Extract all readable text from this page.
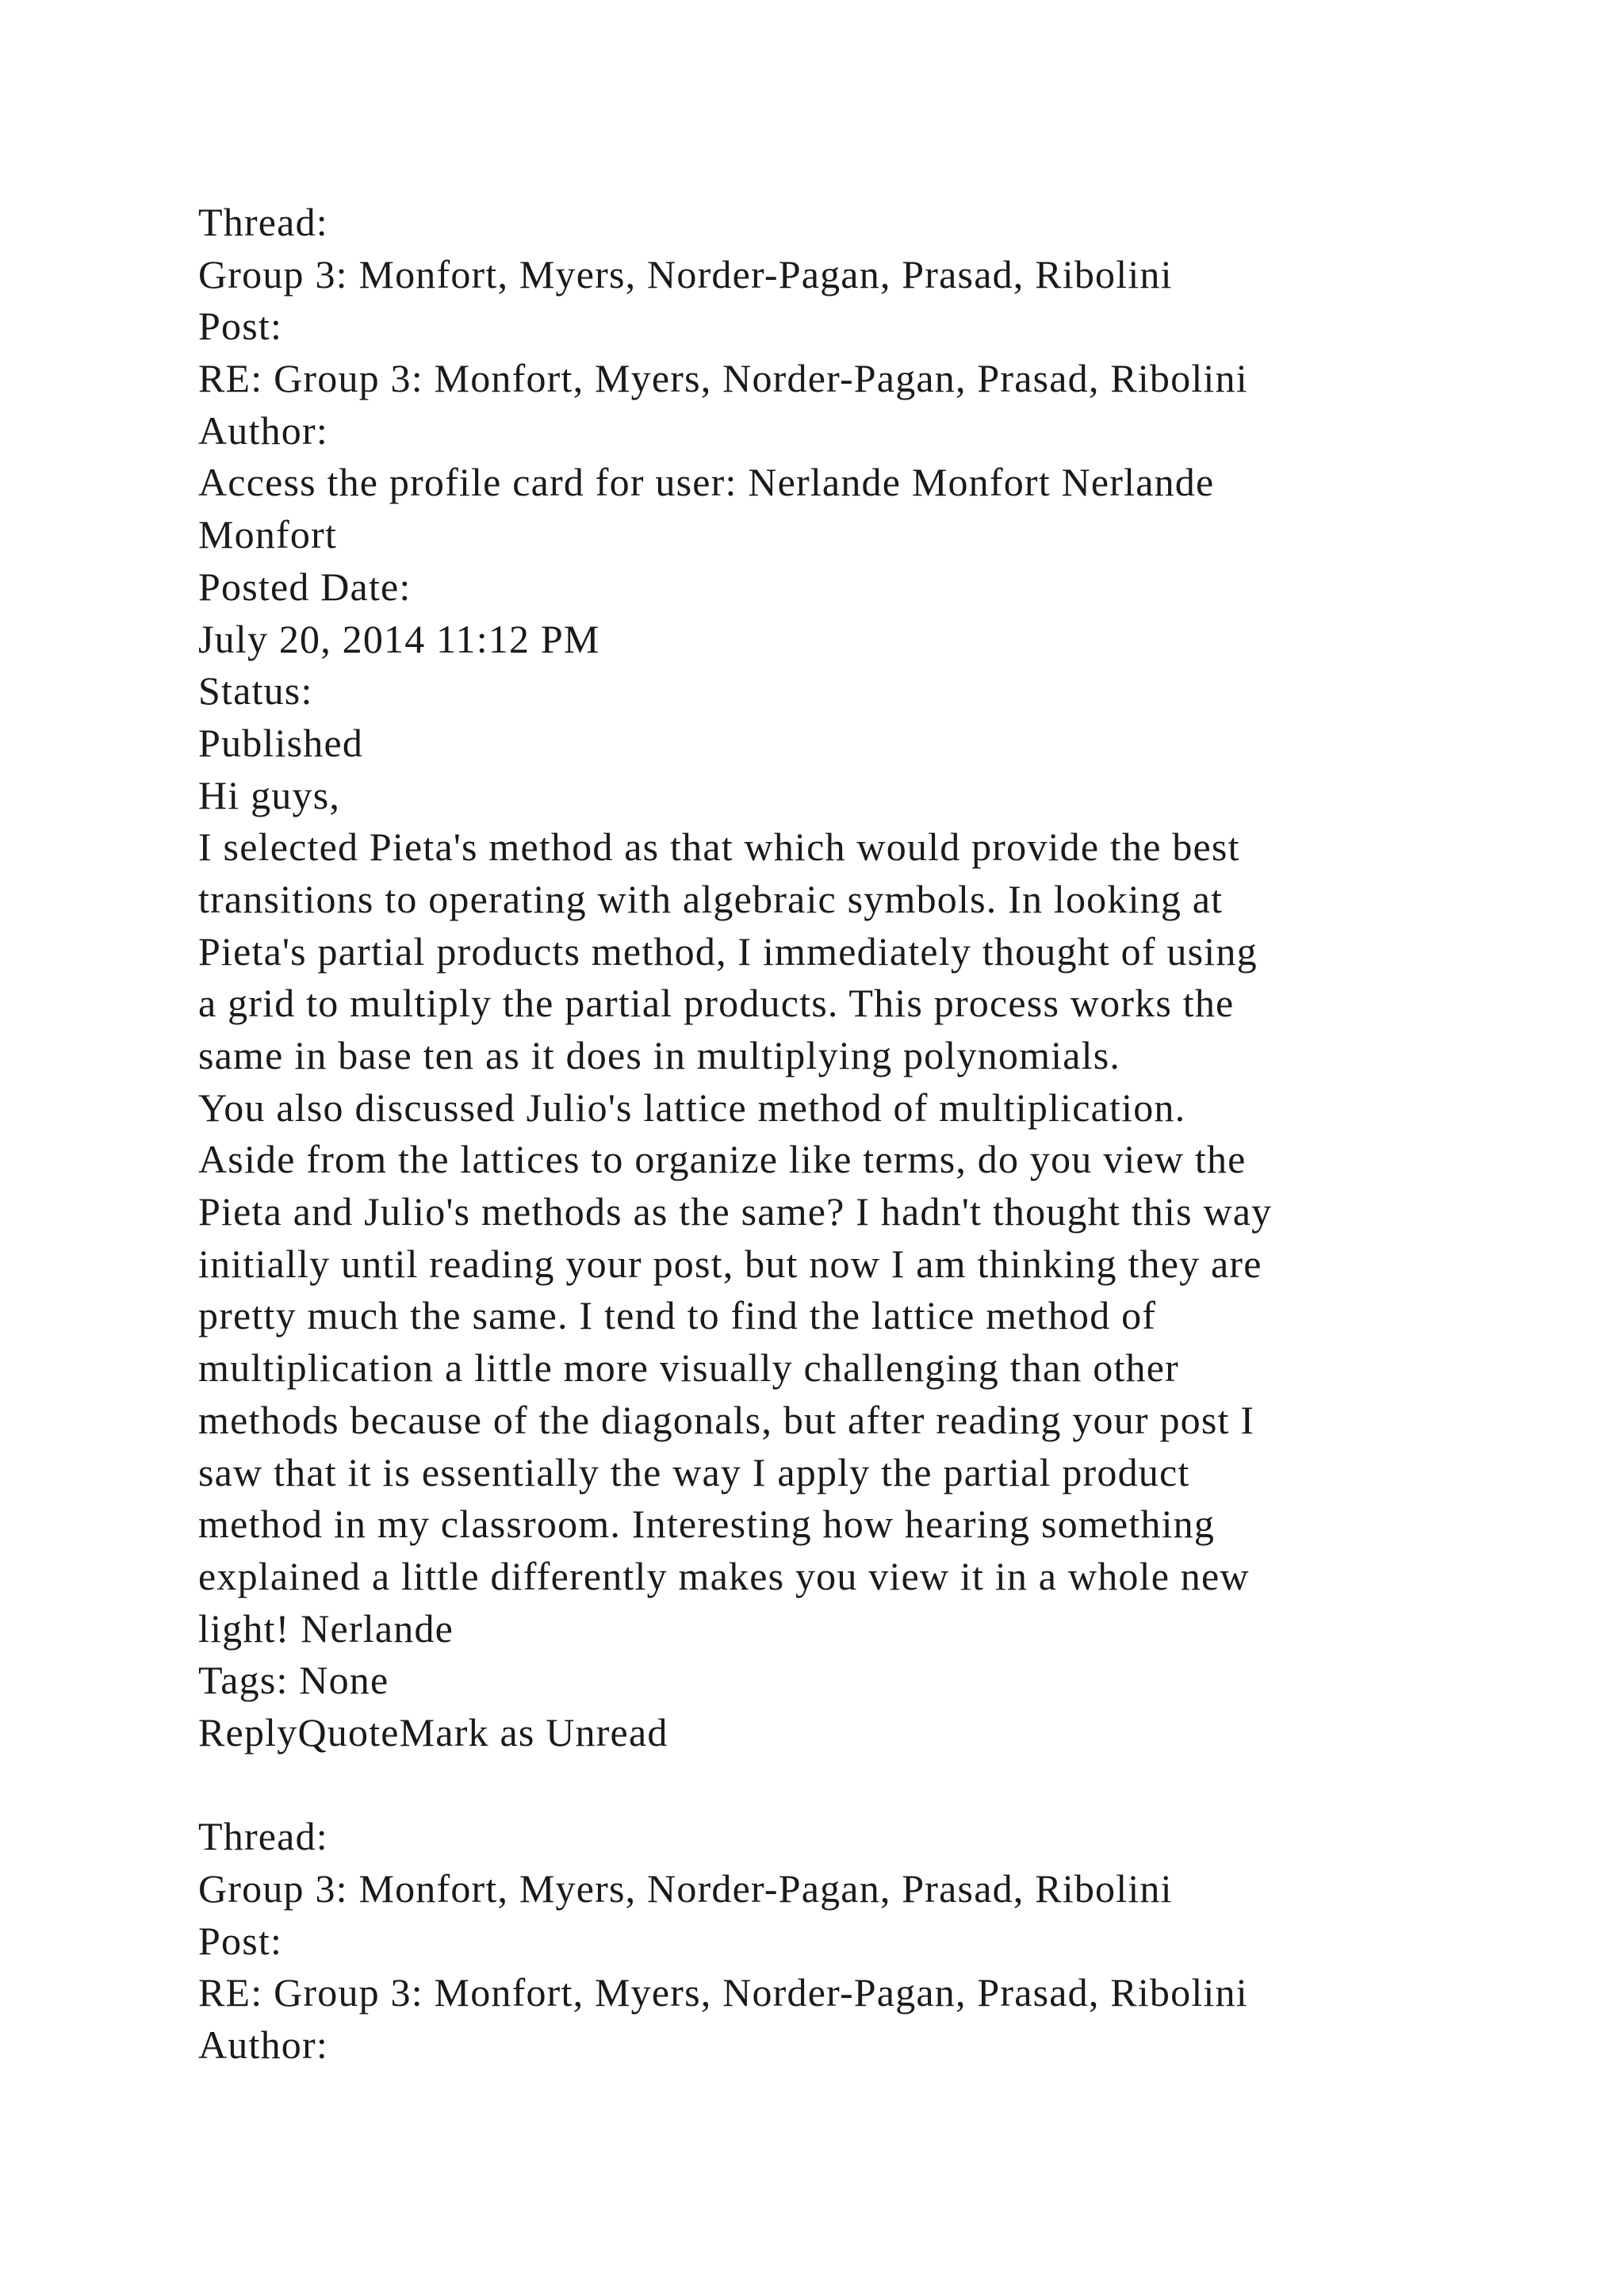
Thread:
Group 3: Monfort, Myers, Norder-Pagan, Prasad, Ribolini
Post:
RE: Group 3: Monfort, Myers, Norder-Pagan, Prasad, Ribolini
Author:
Access the profile card for user: Nerlande Monfort Nerlande
Monfort
Posted Date:
July 20, 2014 11:12 PM
Status:
Published
Hi guys,
I selected Pieta's method as that which would provide the best
transitions to operating with algebraic symbols. In looking at
Pieta's partial products method, I immediately thought of using
a grid to multiply the partial products. This process works the
same in base ten as it does in multiplying polynomials.
You also discussed Julio's lattice method of multiplication.
Aside from the lattices to organize like terms, do you view the
Pieta and Julio's methods as the same? I hadn't thought this way
initially until reading your post, but now I am thinking they are
pretty much the same. I tend to find the lattice method of
multiplication a little more visually challenging than other
methods because of the diagonals, but after reading your post I
saw that it is essentially the way I apply the partial product
method in my classroom. Interesting how hearing something
explained a little differently makes you view it in a whole new
light! Nerlande
Tags: None
ReplyQuoteMark as Unread
Thread:
Group 3: Monfort, Myers, Norder-Pagan, Prasad, Ribolini
Post:
RE: Group 3: Monfort, Myers, Norder-Pagan, Prasad, Ribolini
Author:
